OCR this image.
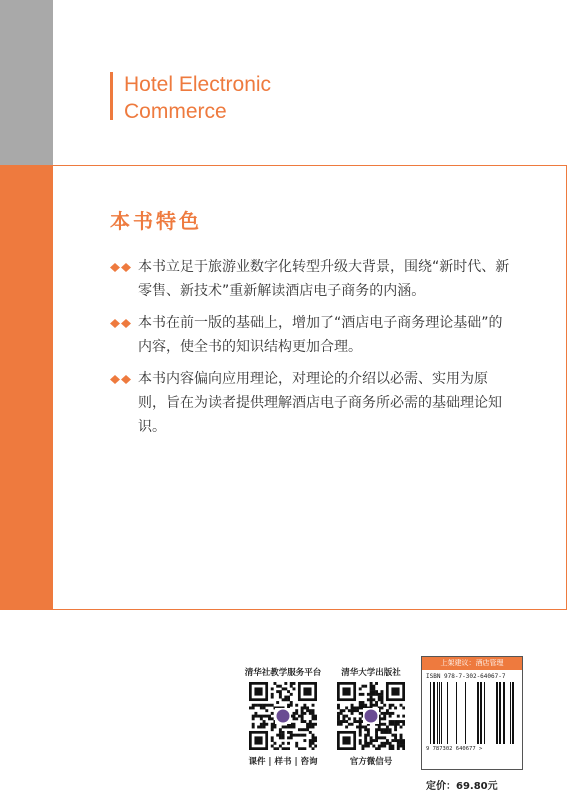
Hotel Electronic
Commerce
本书特色
本书立足于旅游业数字化转型升级大背景，围绕“新时代、新零售、新技术”重新解读酒店电子商务的内涵。
本书在前一版的基础上，增加了“酒店电子商务理论基础”的内容，使全书的知识结构更加合理。
本书内容偏向应用理论，对理论的介绍以必需、实用为原则，旨在为读者提供理解酒店电子商务所必需的基础理论知识。
清华社教学服务平台
课件 | 样书 | 咨询
清华大学出版社
官方微信号
上架建议：酒店管理
ISBN 978-7-302-64067-7
9 787302 640677 >
定价：69.80元
